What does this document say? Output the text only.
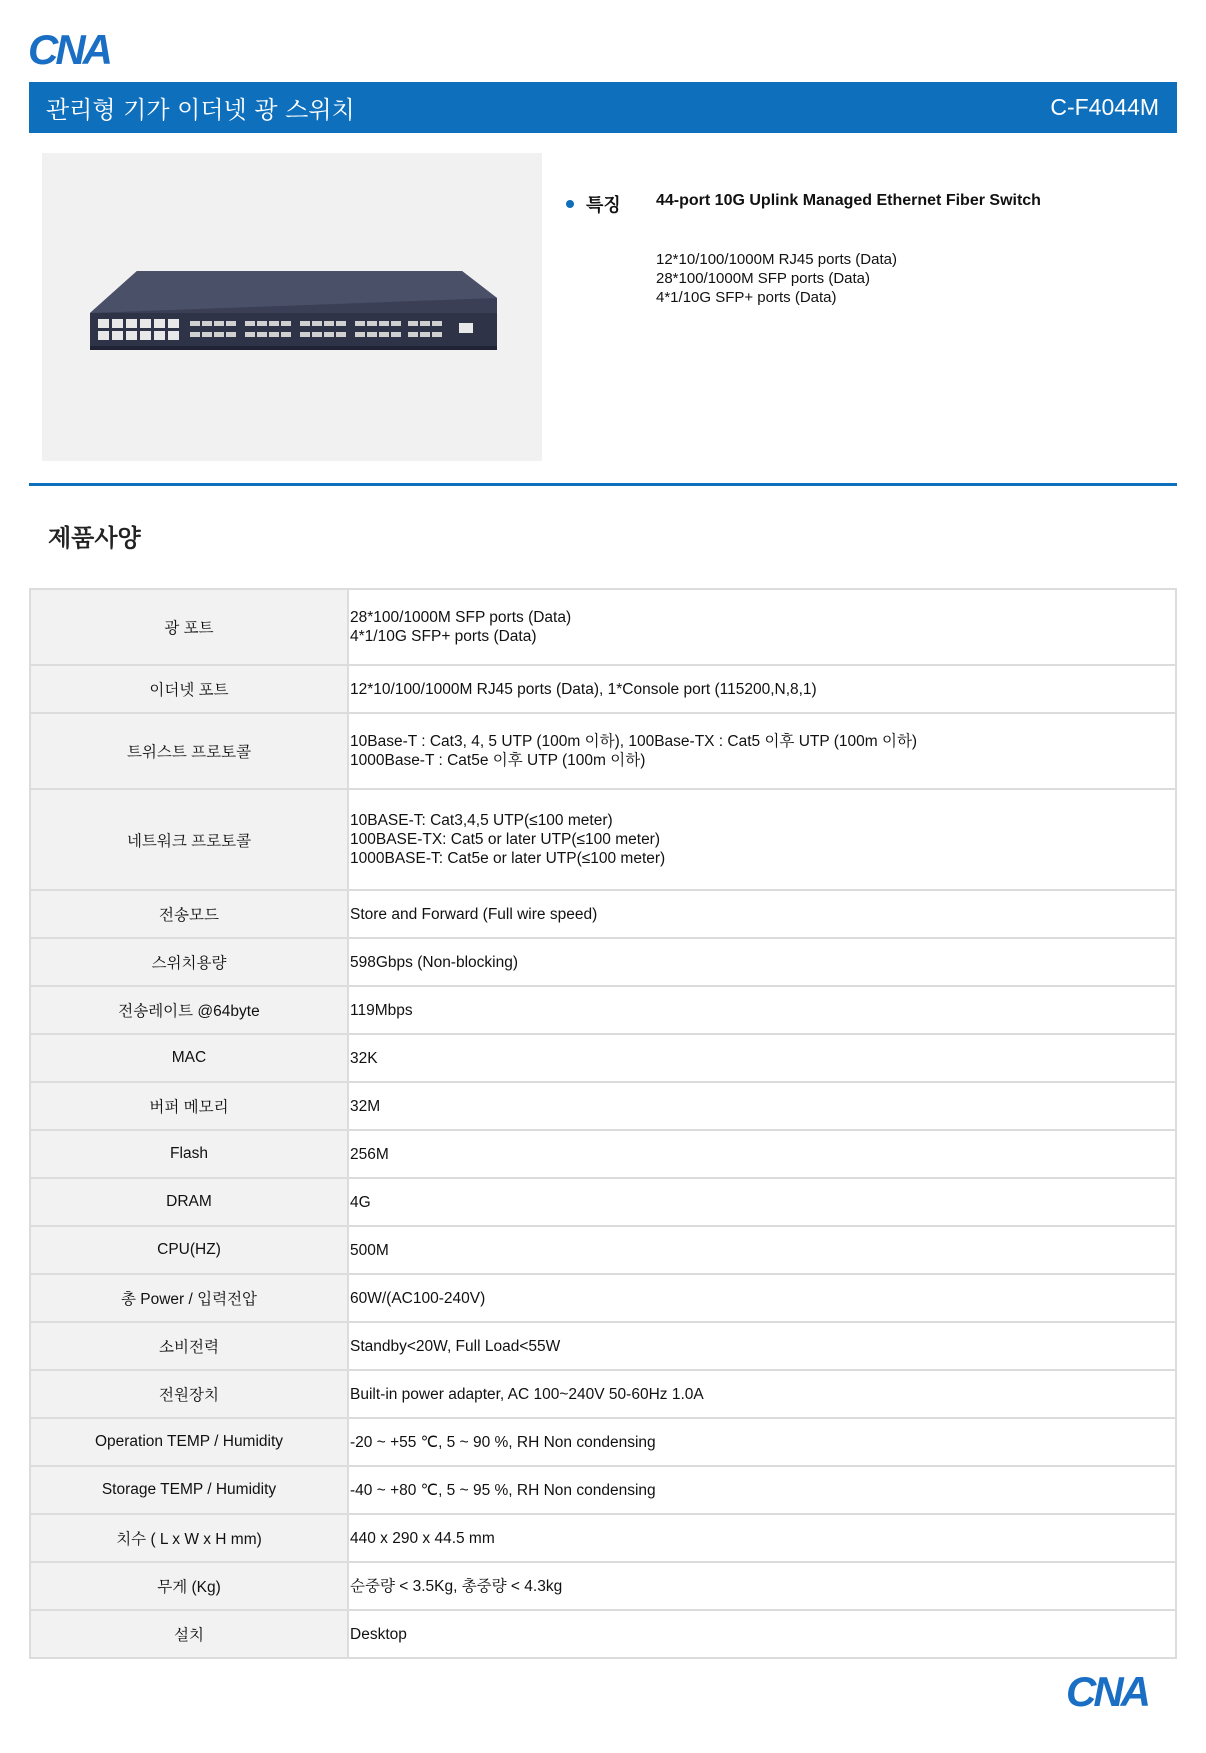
CNA
관리형 기가 이더넷 광 스위치	C-F4044M
특징 44-port 10G Uplink Managed Ethernet Fiber Switch
12*10/100/1000M RJ45 ports (Data)
28*100/1000M SFP ports (Data)
4*1/10G SFP+ ports (Data)
제품사양
광 포트	28*100/1000M SFP ports (Data)
4*1/10G SFP+ ports (Data)

이더넷 포트	12*10/100/1000M RJ45 ports (Data), 1*Console port (115200,N,8,1)

트위스트 프로토콜	10Base-T : Cat3, 4, 5 UTP (100m 이하), 100Base-TX : Cat5 이후 UTP (100m 이하)
1000Base-T : Cat5e 이후 UTP (100m 이하)

네트워크 프로토콜	10BASE-T: Cat3,4,5 UTP(≤100 meter)
100BASE-TX: Cat5 or later UTP(≤100 meter)
1000BASE-T: Cat5e or later UTP(≤100 meter)

전송모드	Store and Forward (Full wire speed)

스위치용량	598Gbps (Non-blocking)

전송레이트 @64byte	119Mbps

MAC	32K

버퍼 메모리	32M

Flash	256M

DRAM	4G

CPU(HZ)	500M

총 Power / 입력전압	60W/(AC100-240V)

소비전력	Standby<20W, Full Load<55W

전원장치	Built-in power adapter, AC 100~240V 50-60Hz 1.0A

Operation TEMP / Humidity	-20 ~ +55 ℃, 5 ~ 90 %, RH Non condensing

Storage TEMP / Humidity	-40 ~ +80 ℃, 5 ~ 95 %, RH Non condensing

치수 ( L x W x H mm)	440 x 290 x 44.5 mm

무게 (Kg)	순중량 < 3.5Kg, 총중량 < 4.3kg

설치	Desktop
CNA
